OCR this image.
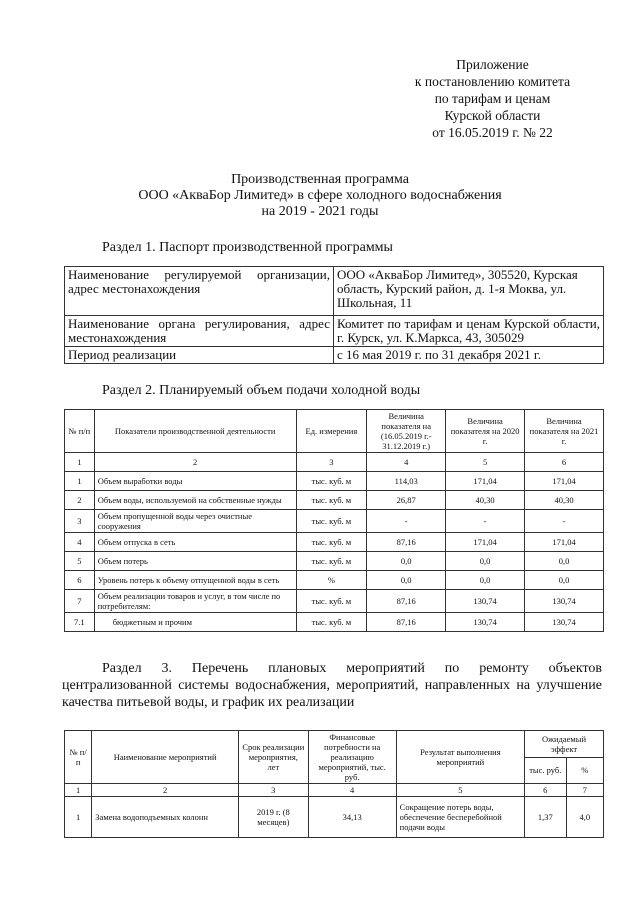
Приложение
к постановлению комитета
по тарифам и ценам
Курской области
от 16.05.2019 г. № 22
Производственная программа
ООО «АкваБор Лимитед» в сфере холодного водоснабжения
на 2019 - 2021 годы
Раздел 1. Паспорт производственной программы
Наименование регулируемой организации, адрес местонахождения	ООО «АкваБор Лимитед», 305520, Курская область, Курский район, д. 1-я Моква, ул. Школьная, 11
Наименование органа регулирования, адрес местонахождения	Комитет по тарифам и ценам Курской области, г. Курск, ул. К.Маркса, 43, 305029
Период реализации	с 16 мая 2019 г. по 31 декабря 2021 г.
Раздел 2. Планируемый объем подачи холодной воды
№ п/п	Показатели производственной деятельности	Ед. измерения	Величина показателя на (16.05.2019 г.- 31.12.2019 г.)	Величина показателя на 2020 г.	Величина показателя на 2021 г.
1	2	3	4	5	6
1	Объем выработки воды	тыс. куб. м	114,03	171,04	171,04
2	Объем воды, используемой на собственные нужды	тыс. куб. м	26,87	40,30	40,30
3	Объем пропущенной воды через очистные сооружения	тыс. куб. м	-	-	-
4	Объем отпуска в сеть	тыс. куб. м	87,16	171,04	171,04
5	Объем потерь	тыс. куб. м	0,0	0,0	0,0
6	Уровень потерь к объему отпущенной воды в сеть	%	0,0	0,0	0,0
7	Объем реализации товаров и услуг, в том числе по потребителям:	тыс. куб. м	87,16	130,74	130,74
7.1	бюджетным и прочим	тыс. куб. м	87,16	130,74	130,74
Раздел 3. Перечень плановых мероприятий по ремонту объектов
централизованной системы водоснабжения, мероприятий, направленных на улучшение качества питьевой воды, и график их реализации
№ п/п	Наименование мероприятий	Срок реализации мероприятия, лет	Финансовые потребности на реализацию мероприятий, тыс. руб.	Результат выполнения мероприятий	Ожидаемый эффект	
					тыс. руб.	%
1	2	3	4	5	6	7
1	Замена водоподъемных колонн	2019 г. (8 месяцев)	34,13	Сокращение потерь воды, обеспечение бесперебойной подачи воды	1,37	4,0
